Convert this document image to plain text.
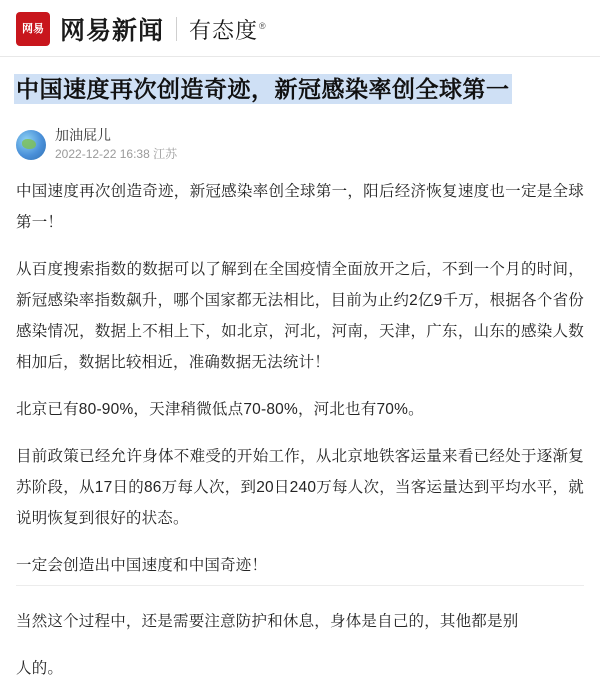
网易 网易新闻 有态度®
中国速度再次创造奇迹，新冠感染率创全球第一
加油屁儿
2022-12-22 16:38 江苏

中国速度再次创造奇迹，新冠感染率创全球第一，阳后经济恢复速度也一定是全球第一！

从百度搜索指数的数据可以了解到在全国疫情全面放开之后，不到一个月的时间，新冠感染率指数飙升，哪个国家都无法相比，目前为止约2亿9千万，根据各个省份感染情况，数据上不相上下，如北京，河北，河南，天津，广东，山东的感染人数相加后，数据比较相近，准确数据无法统计！

北京已有80-90%，天津稍微低点70-80%，河北也有70%。

目前政策已经允许身体不难受的开始工作，从北京地铁客运量来看已经处于逐渐复苏阶段，从17日的86万每人次，到20日240万每人次，当客运量达到平均水平，就说明恢复到很好的状态。

一定会创造出中国速度和中国奇迹！

当然这个过程中，还是需要注意防护和休息，身体是自己的，其他都是别

人的。
